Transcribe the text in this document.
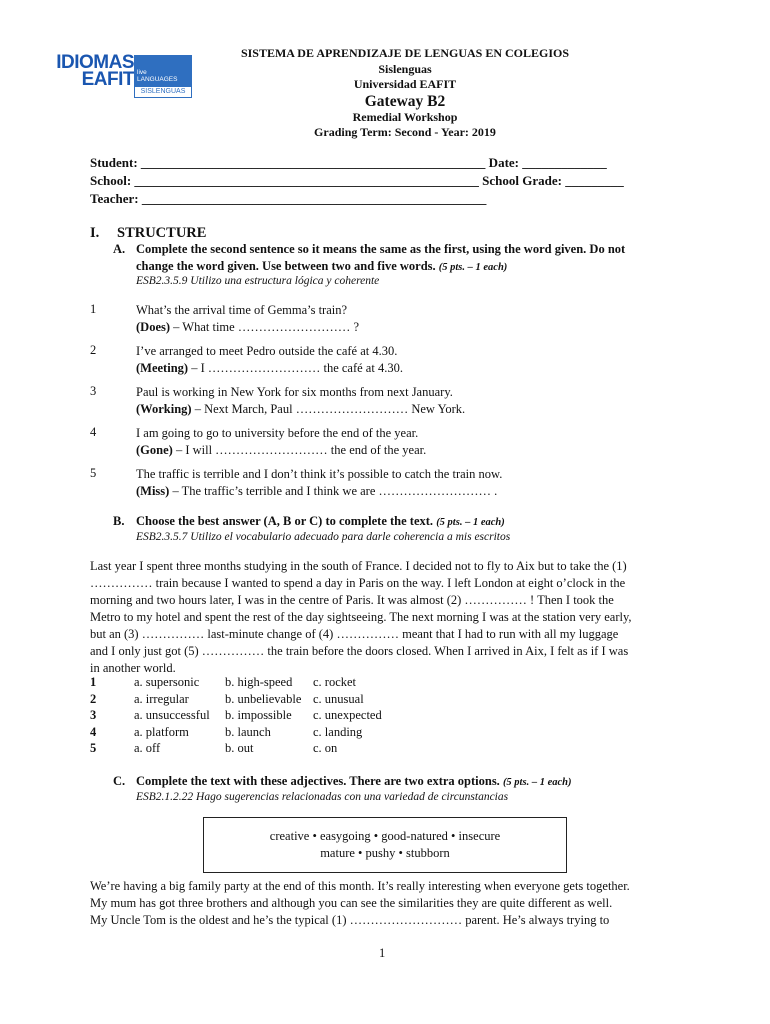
IDIOMAS
EAFIT live
LANGUAGES
SISLENGUAS
SISTEMA DE APRENDIZAJE DE LENGUAS EN COLEGIOS
Sislenguas
Universidad EAFIT
Gateway B2
Remedial Workshop
Grading Term: Second - Year: 2019
Student: _____________________________________________________ Date: _____________
School: _____________________________________________________ School Grade: _________
Teacher: _____________________________________________________
I. STRUCTURE
A. Complete the second sentence so it means the same as the first, using the word given. Do not
change the word given. Use between two and five words. (5 pts. – 1 each)
ESB2.3.5.9 Utilizo una estructura lógica y coherente
1	What’s the arrival time of Gemma’s train?
(Does) – What time ……………………… ?
2	I’ve arranged to meet Pedro outside the café at 4.30.
(Meeting) – I ……………………… the café at 4.30.
3	Paul is working in New York for six months from next January.
(Working) – Next March, Paul ……………………… New York.
4	I am going to go to university before the end of the year.
(Gone) – I will ……………………… the end of the year.
5	The traffic is terrible and I don’t think it’s possible to catch the train now.
(Miss) – The traffic’s terrible and I think we are ……………………… .
B. Choose the best answer (A, B or C) to complete the text. (5 pts. – 1 each)
ESB2.3.5.7 Utilizo el vocabulario adecuado para darle coherencia a mis escritos
Last year I spent three months studying in the south of France. I decided not to fly to Aix but to take the (1)
…………… train because I wanted to spend a day in Paris on the way. I left London at eight o’clock in the
morning and two hours later, I was in the centre of Paris. It was almost (2) …………… ! Then I took the
Metro to my hotel and spent the rest of the day sightseeing. The next morning I was at the station very early,
but an (3) …………… last-minute change of (4) …………… meant that I had to run with all my luggage
and I only just got (5) …………… the train before the doors closed. When I arrived in Aix, I felt as if I was
in another world.
1	a. supersonic b. high-speed c. rocket
2	a. irregular	b. unbelievable c. unusual
3	a. unsuccessful b. impossible c. unexpected
4	a. platform	b. launch	c. landing
5	a. off	b. out	c. on
C. Complete the text with these adjectives. There are two extra options. (5 pts. – 1 each)
ESB2.1.2.22 Hago sugerencias relacionadas con una variedad de circunstancias
creative • easygoing • good-natured • insecure
mature • pushy • stubborn
We’re having a big family party at the end of this month. It’s really interesting when everyone gets together.
My mum has got three brothers and although you can see the similarities they are quite different as well.
My Uncle Tom is the oldest and he’s the typical (1) ……………………… parent. He’s always trying to
1
